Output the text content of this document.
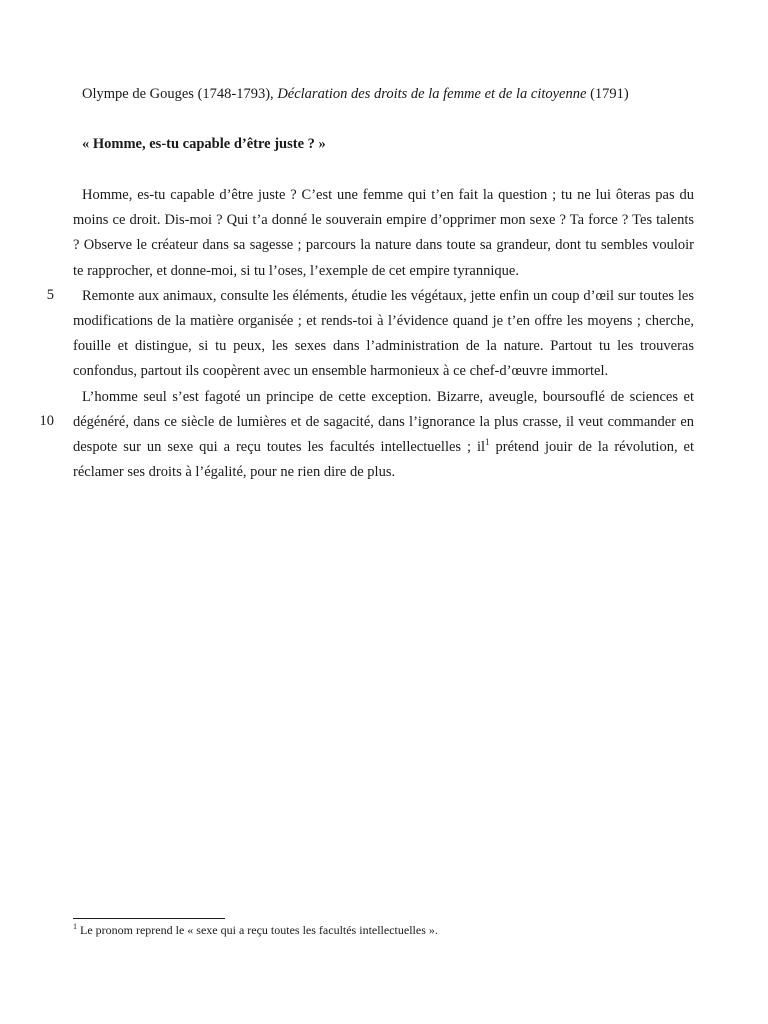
Olympe de Gouges (1748-1793), Déclaration des droits de la femme et de la citoyenne (1791)
« Homme, es-tu capable d’être juste ? »
5
10

Homme, es-tu capable d’être juste ? C’est une femme qui t’en fait la question ; tu ne lui ôteras pas du moins ce droit. Dis-moi ? Qui t’a donné le souverain empire d’opprimer mon sexe ? Ta force ? Tes talents ? Observe le créateur dans sa sagesse ; parcours la nature dans toute sa grandeur, dont tu sembles vouloir te rapprocher, et donne-moi, si tu l’oses, l’exemple de cet empire tyrannique.

Remonte aux animaux, consulte les éléments, étudie les végétaux, jette enfin un coup d’œil sur toutes les modifications de la matière organisée ; et rends-toi à l’évidence quand je t’en offre les moyens ; cherche, fouille et distingue, si tu peux, les sexes dans l’administration de la nature. Partout tu les trouveras confondus, partout ils coopèrent avec un ensemble harmonieux à ce chef-d’œuvre immortel.

L’homme seul s’est fagoté un principe de cette exception. Bizarre, aveugle, boursouflé de sciences et dégénéré, dans ce siècle de lumières et de sagacité, dans l’ignorance la plus crasse, il veut commander en despote sur un sexe qui a reçu toutes les facultés intellectuelles ; $il^1$ prétend jouir de la révolution, et réclamer ses droits à l’égalité, pour ne rien dire de plus.

$^1$ Le pronom reprend le « sexe qui a reçu toutes les facultés intellectuelles ».
